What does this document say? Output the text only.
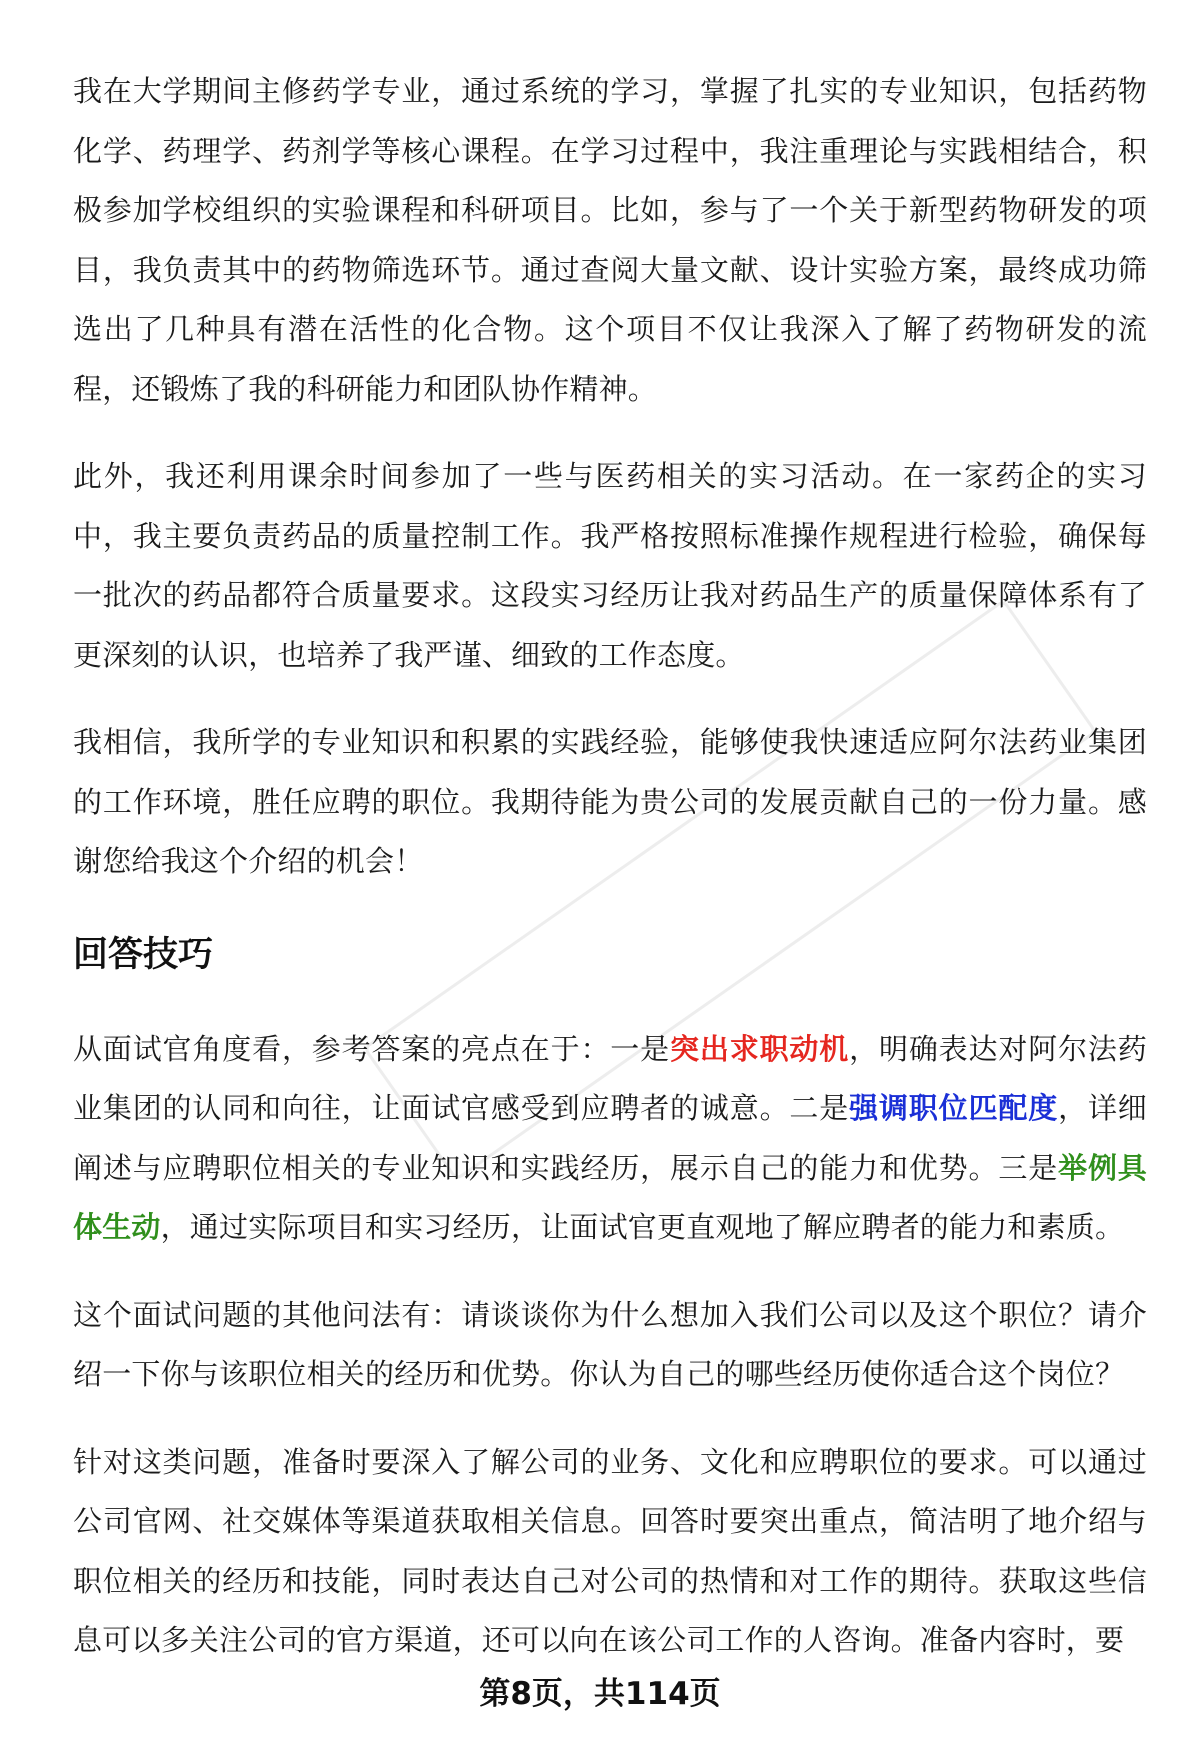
我在大学期间主修药学专业，通过系统的学习，掌握了扎实的专业知识，包括药物化学、药理学、药剂学等核心课程。在学习过程中，我注重理论与实践相结合，积极参加学校组织的实验课程和科研项目。比如，参与了一个关于新型药物研发的项目，我负责其中的药物筛选环节。通过查阅大量文献、设计实验方案，最终成功筛选出了几种具有潜在活性的化合物。这个项目不仅让我深入了解了药物研发的流程，还锻炼了我的科研能力和团队协作精神。

此外，我还利用课余时间参加了一些与医药相关的实习活动。在一家药企的实习中，我主要负责药品的质量控制工作。我严格按照标准操作规程进行检验，确保每一批次的药品都符合质量要求。这段实习经历让我对药品生产的质量保障体系有了更深刻的认识，也培养了我严谨、细致的工作态度。

我相信，我所学的专业知识和积累的实践经验，能够使我快速适应阿尔法药业集团的工作环境，胜任应聘的职位。我期待能为贵公司的发展贡献自己的一份力量。感谢您给我这个介绍的机会！

回答技巧

从面试官角度看，参考答案的亮点在于：一是突出求职动机，明确表达对阿尔法药业集团的认同和向往，让面试官感受到应聘者的诚意。二是强调职位匹配度，详细阐述与应聘职位相关的专业知识和实践经历，展示自己的能力和优势。三是举例具体生动，通过实际项目和实习经历，让面试官更直观地了解应聘者的能力和素质。

这个面试问题的其他问法有：请谈谈你为什么想加入我们公司以及这个职位？请介绍一下你与该职位相关的经历和优势。你认为自己的哪些经历使你适合这个岗位？

针对这类问题，准备时要深入了解公司的业务、文化和应聘职位的要求。可以通过公司官网、社交媒体等渠道获取相关信息。回答时要突出重点，简洁明了地介绍与职位相关的经历和技能，同时表达自己对公司的热情和对工作的期待。获取这些信息可以多关注公司的官方渠道，还可以向在该公司工作的人咨询。准备内容时，要

第8页，共114页
